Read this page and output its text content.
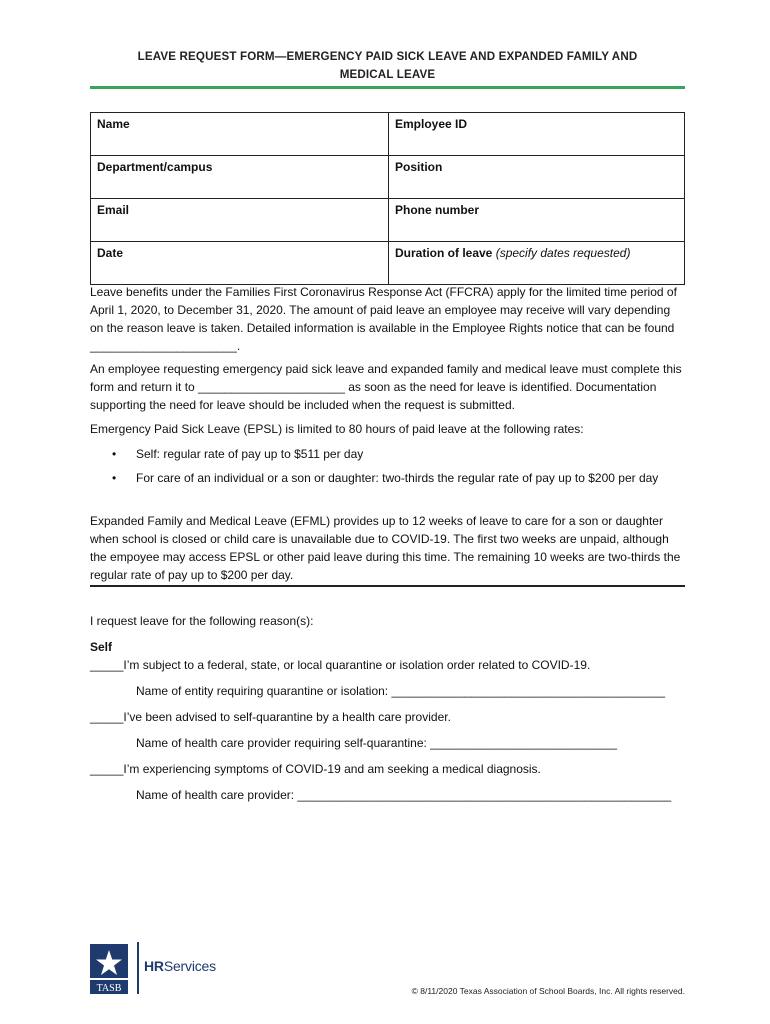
LEAVE REQUEST FORM—EMERGENCY PAID SICK LEAVE AND EXPANDED FAMILY AND
MEDICAL LEAVE
Name	Employee ID
Department/campus	Position
Email	Phone number
Date	Duration of leave (specify dates requested)

Leave benefits under the Families First Coronavirus Response Act (FFCRA) apply for the limited time period of April 1, 2020, to December 31, 2020. The amount of paid leave an employee may receive will vary depending on the reason leave is taken. Detailed information is available in the Employee Rights notice that can be found ______________________.

An employee requesting emergency paid sick leave and expanded family and medical leave must complete this form and return it to ______________________ as soon as the need for leave is identified. Documentation supporting the need for leave should be included when the request is submitted.

Emergency Paid Sick Leave (EPSL) is limited to 80 hours of paid leave at the following rates:

• Self: regular rate of pay up to $511 per day
• For care of an individual or a son or daughter: two-thirds the regular rate of pay up to $200 per day

Expanded Family and Medical Leave (EFML) provides up to 12 weeks of leave to care for a son or daughter when school is closed or child care is unavailable due to COVID-19. The first two weeks are unpaid, although the empoyee may access EPSL or other paid leave during this time. The remaining 10 weeks are two-thirds the regular rate of pay up to $200 per day.

I request leave for the following reason(s):

Self

_____I’m subject to a federal, state, or local quarantine or isolation order related to COVID-19.

Name of entity requiring quarantine or isolation: _________________________________________

_____I’ve been advised to self-quarantine by a health care provider.

Name of health care provider requiring self-quarantine: ____________________________

_____I’m experiencing symptoms of COVID-19 and am seeking a medical diagnosis.

Name of health care provider: ________________________________________________________

TASB
HRServices
© 8/11/2020 Texas Association of School Boards, Inc. All rights reserved.
